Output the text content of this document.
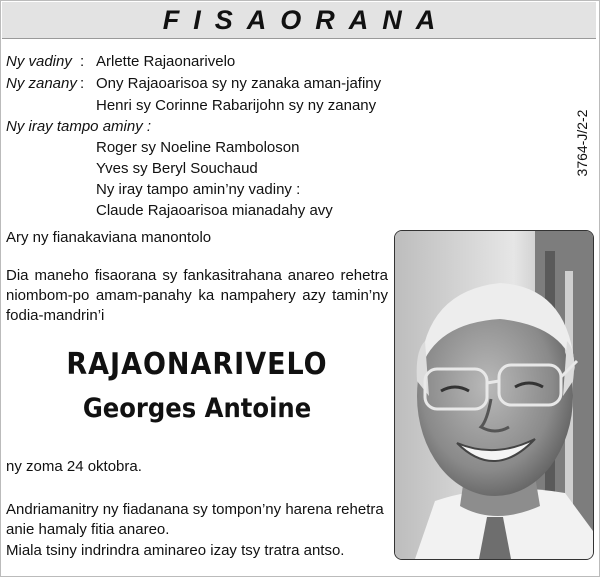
FISAORANA
3764-J/2-2
Ny vadiny : Arlette Rajaonarivelo
Ny zanany : Ony Rajaoarisoa sy ny zanaka aman-jafiny
Henri sy Corinne Rabarijohn sy ny zanany
Ny iray tampo aminy :
Roger sy Noeline Ramboloson
Yves sy Beryl Souchaud
Ny iray tampo amin’ny vadiny :
Claude Rajaoarisoa mianadahy avy
Ary ny fianakaviana manontolo
Dia maneho fisaorana sy fankasitrahana anareo rehetra niombom-po amam-panahy ka nampahery azy tamin’ny fodia-mandrin’i
RAJAONARIVELO
Georges Antoine
ny zoma 24 oktobra.
Andriamanitry ny fiadanana sy tompon’ny harena rehetra anie hamaly fitia anareo.
Miala tsiny indrindra aminareo izay tsy tratra antso.
